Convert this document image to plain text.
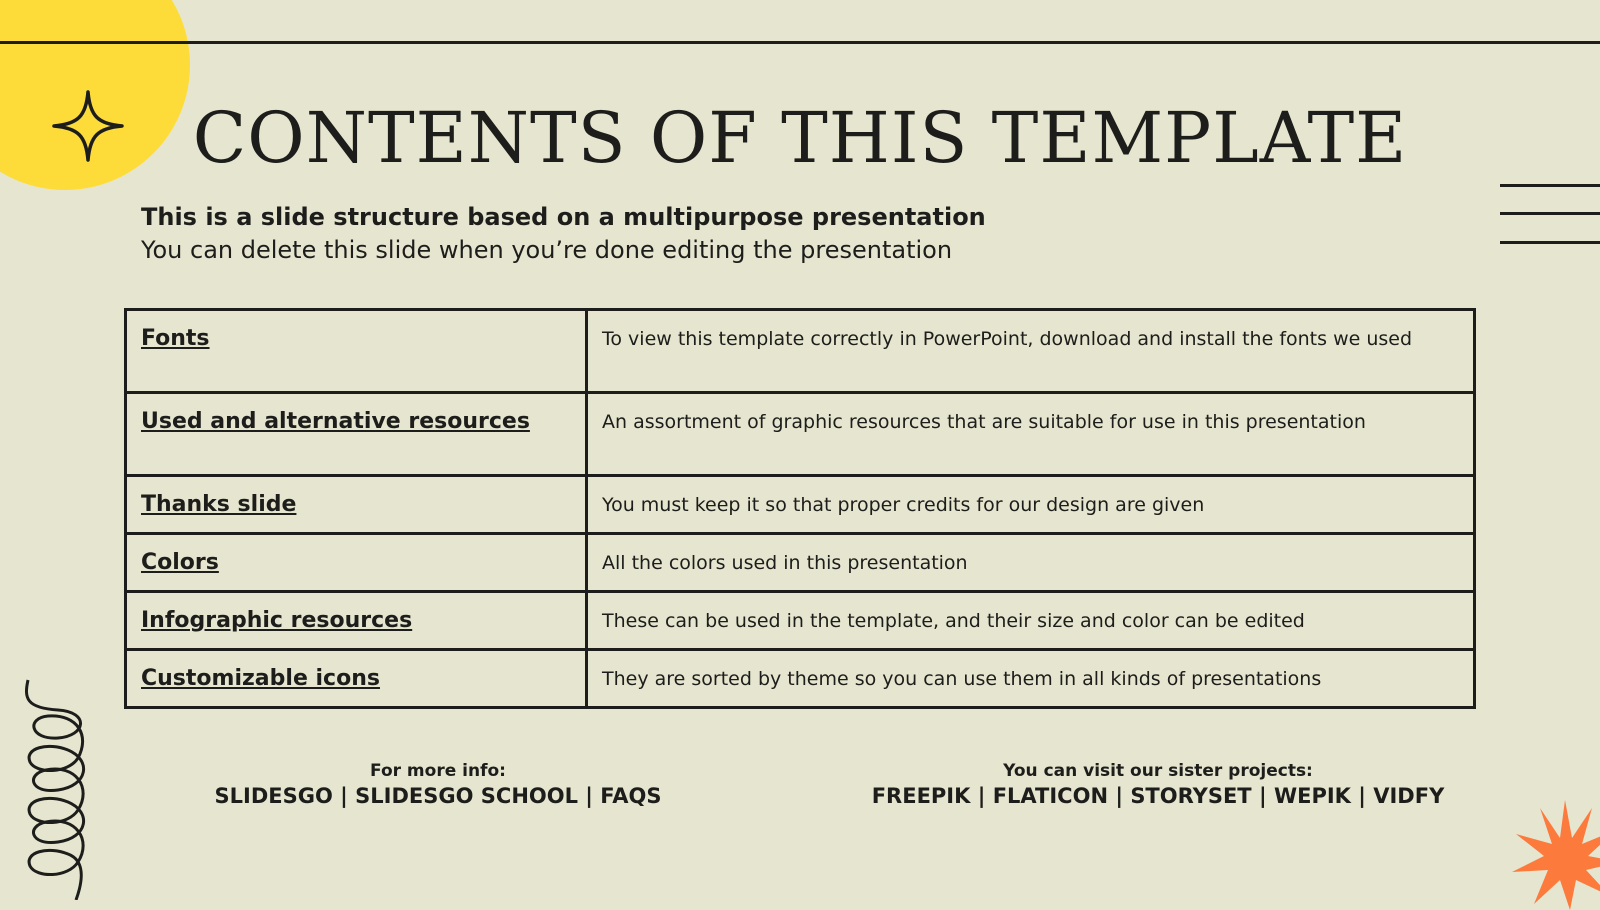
CONTENTS OF THIS TEMPLATE
This is a slide structure based on a multipurpose presentation
You can delete this slide when you’re done editing the presentation
Fonts	To view this template correctly in PowerPoint, download and install the fonts we used

Used and alternative resources	An assortment of graphic resources that are suitable for use in this presentation

Thanks slide	You must keep it so that proper credits for our design are given

Colors	All the colors used in this presentation

Infographic resources	These can be used in the template, and their size and color can be edited

Customizable icons	They are sorted by theme so you can use them in all kinds of presentations
For more info:
SLIDESGO | SLIDESGO SCHOOL | FAQS
You can visit our sister projects:
FREEPIK | FLATICON | STORYSET | WEPIK | VIDFY
